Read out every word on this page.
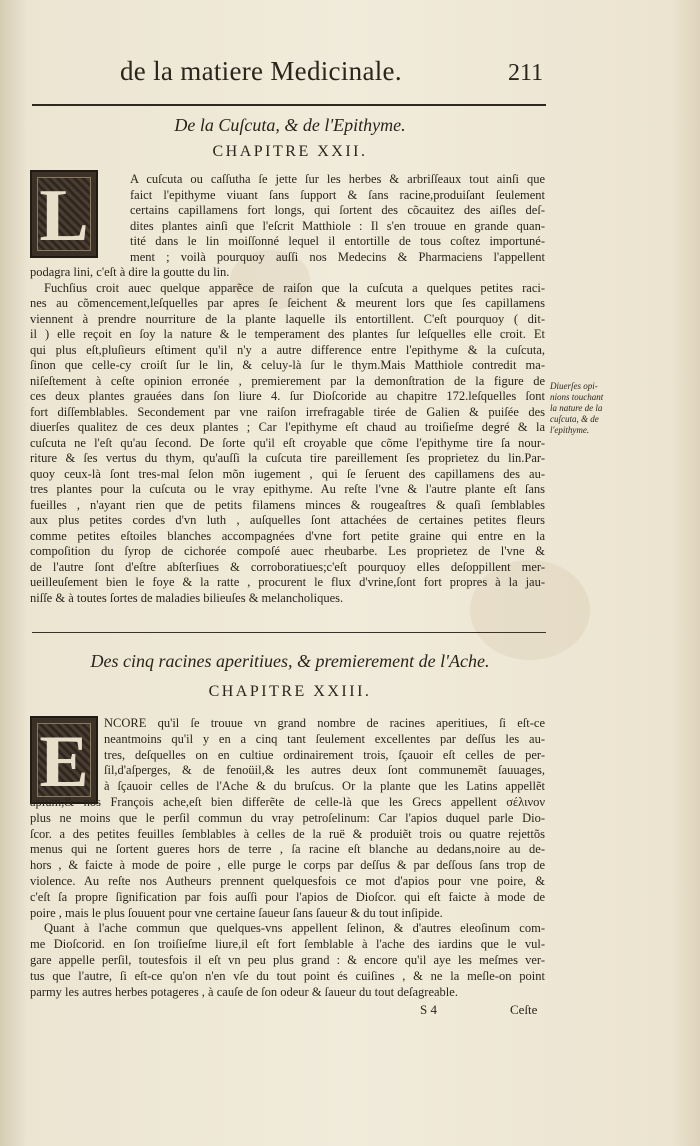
de la matiere Medicinale.	211
De la Cuſcuta, & de l'Epithyme.
CHAPITRE XXII.
L	A cuſcuta ou caſſutha ſe jette ſur les herbes & arbriſſeaux tout ainſi que
faict l'epithyme viuant ſans ſupport & ſans racine,produiſant ſeulement
certains capillamens fort longs, qui ſortent des cõcauitez des aiſles deſ-
dites plantes ainſi que l'eſcrit Matthiole : Il s'en trouue en grande quan-
tité dans le lin moiſſonné lequel il entortille de tous coſtez importuné-
ment ; voilà pourquoy auſſi nos Medecins & Pharmaciens l'appellent
podagra lini, c'eſt à dire la goutte du lin.
Fuchſius croit auec quelque apparẽce de raiſon que la cuſcuta a quelques petites raci-
nes au cõmencement,leſquelles par apres ſe ſeichent & meurent lors que ſes capillamens
viennent à prendre nourriture de la plante laquelle ils entortillent. C'eſt pourquoy ( dit-
il ) elle reçoit en ſoy la nature & le temperament des plantes ſur leſquelles elle croit. Et
qui plus eſt,pluſieurs eſtiment qu'il n'y a autre difference entre l'epithyme & la cuſcuta,
ſinon que celle-cy croiſt ſur le lin, & celuy-là ſur le thym.Mais Matthiole contredit ma-
niſeſtement à ceſte opinion erronée , premierement par la demonſtration de la figure de
ces deux plantes grauées dans ſon liure 4. ſur Dioſcoride au chapitre 172.leſquelles ſont
fort diſſemblables. Secondement par vne raiſon irrefragable tirée de Galien & puiſée des
diuerſes qualitez de ces deux plantes ; Car l'epithyme eſt chaud au troiſieſme degré & la
cuſcuta ne l'eſt qu'au ſecond. De ſorte qu'il eſt croyable que cõme l'epithyme tire ſa nour-
riture & ſes vertus du thym, qu'auſſi la cuſcuta tire pareillement ſes proprietez du lin.Par-
quoy ceux-là ſont tres-mal ſelon mõn iugement , qui ſe ſeruent des capillamens des au-
tres plantes pour la cuſcuta ou le vray epithyme. Au reſte l'vne & l'autre plante eſt ſans
fueilles , n'ayant rien que de petits filamens minces & rougeaſtres & quaſi ſemblables
aux plus petites cordes d'vn luth , auſquelles ſont attachées de certaines petites fleurs
comme petites eſtoiles blanches accompagnées d'vne fort petite graine qui entre en la
compoſition du ſyrop de cichorée compoſé auec rheubarbe. Les proprietez de l'vne &
de l'autre ſont d'eſtre abſterſiues & corroboratiues;c'eſt pourquoy elles deſoppillent mer-
ueilleuſement bien le foye & la ratte , procurent le flux d'vrine,ſont fort propres à la jau-
niſſe & à toutes ſortes de maladies bilieuſes & melancholiques.
Diuerſes opi-
nions touchant
la nature de la
cuſcuta, & de
l'epithyme.
Des cinq racines aperitiues, & premierement de l'Ache.
CHAPITRE XXIII.
E	NCORE qu'il ſe trouue vn grand nombre de racines aperitiues, ſi eſt-ce
neantmoins qu'il y en a cinq tant ſeulement excellentes par deſſus les au-
tres, deſquelles on en cultiue ordinairement trois, ſçauoir eſt celles de per-
ſil,d'aſperges, & de fenoüil,& les autres deux ſont communemẽt ſauuages,
à ſçauoir celles de l'Ache & du bruſcus. Or la plante que les Latins appellẽt
apium,& nos François ache,eſt bien differẽte de celle-là que les Grecs appellent σέλινον
plus ne moins que le perſil commun du vray petroſelinum: Car l'apios duquel parle Dio-
ſcor. a des petites feuilles ſemblables à celles de la ruë & produiẽt trois ou quatre rejettõs
menus qui ne ſortent gueres hors de terre , ſa racine eſt blanche au dedans,noire au de-
hors , & faicte à mode de poire , elle purge le corps par deſſus & par deſſous ſans trop de
violence. Au reſte nos Autheurs prennent quelquesfois ce mot d'apios pour vne poire, &
c'eſt ſa propre ſignification par fois auſſi pour l'apios de Dioſcor. qui eſt faicte à mode de
poire , mais le plus ſouuent pour vne certaine ſaueur ſans ſaueur & du tout inſipide.
Quant à l'ache commun que quelques-vns appellent ſelinon, & d'autres eleoſinum com-
me Dioſcorid. en ſon troiſieſme liure,il eſt fort ſemblable à l'ache des iardins que le vul-
gare appelle perſil, toutesfois il eſt vn peu plus grand : & encore qu'il aye les meſmes ver-
tus que l'autre, ſi eſt-ce qu'on n'en vſe du tout point és cuiſines , & ne la meſle-on point
parmy les autres herbes potageres , à cauſe de ſon odeur & ſaueur du tout deſagreable.
S 4	Ceſte
